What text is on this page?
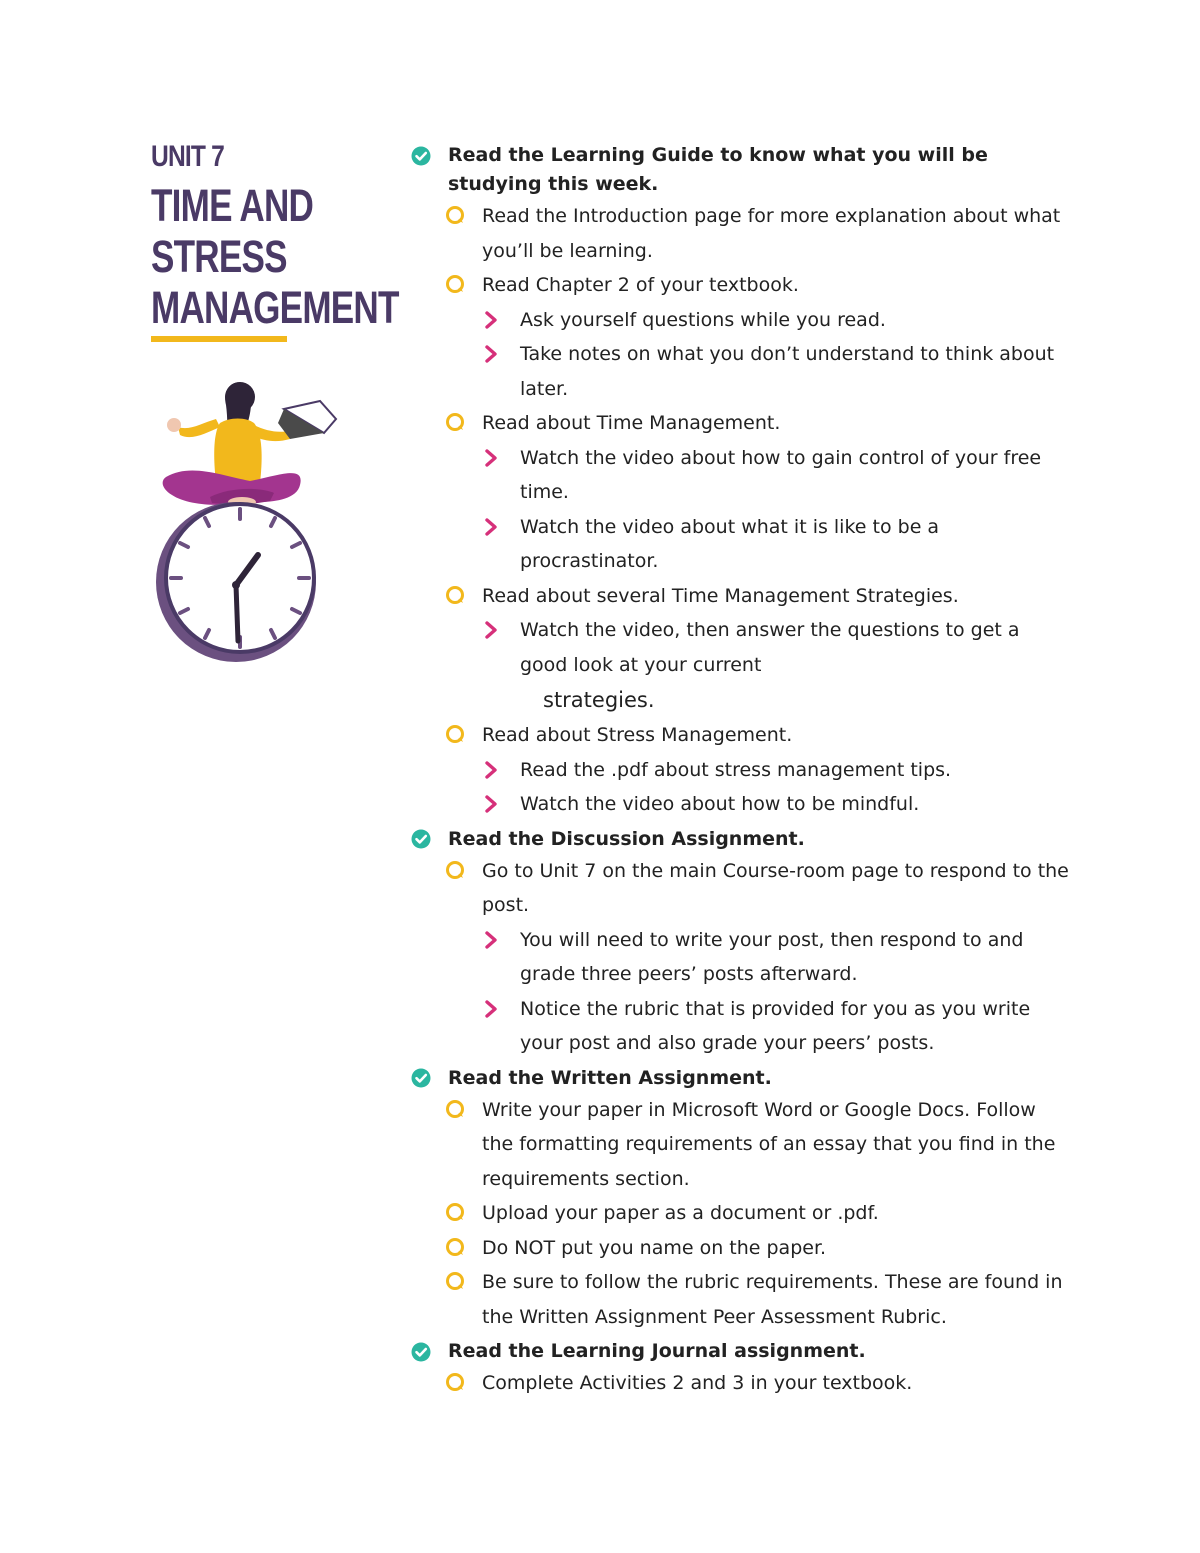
UNIT 7
TIME AND
STRESS
MANAGEMENT
Read the Learning Guide to know what you will be studying this week.
Read the Introduction page for more explanation about what you’ll be learning.
Read Chapter 2 of your textbook.
Ask yourself questions while you read.
Take notes on what you don’t understand to think about later.
Read about Time Management.
Watch the video about how to gain control of your free time.
Watch the video about what it is like to be a procrastinator.
Read about several Time Management Strategies.
Watch the video, then answer the questions to get a good look at your current
strategies.
Read about Stress Management.
Read the .pdf about stress management tips.
Watch the video about how to be mindful.
Read the Discussion Assignment.
Go to Unit 7 on the main Course-room page to respond to the post.
You will need to write your post, then respond to and grade three peers’ posts afterward.
Notice the rubric that is provided for you as you write your post and also grade your peers’ posts.
Read the Written Assignment.
Write your paper in Microsoft Word or Google Docs. Follow the formatting requirements of an essay that you find in the requirements section.
Upload your paper as a document or .pdf.
Do NOT put you name on the paper.
Be sure to follow the rubric requirements. These are found in the Written Assignment Peer Assessment Rubric.
Read the Learning Journal assignment.
Complete Activities 2 and 3 in your textbook.
